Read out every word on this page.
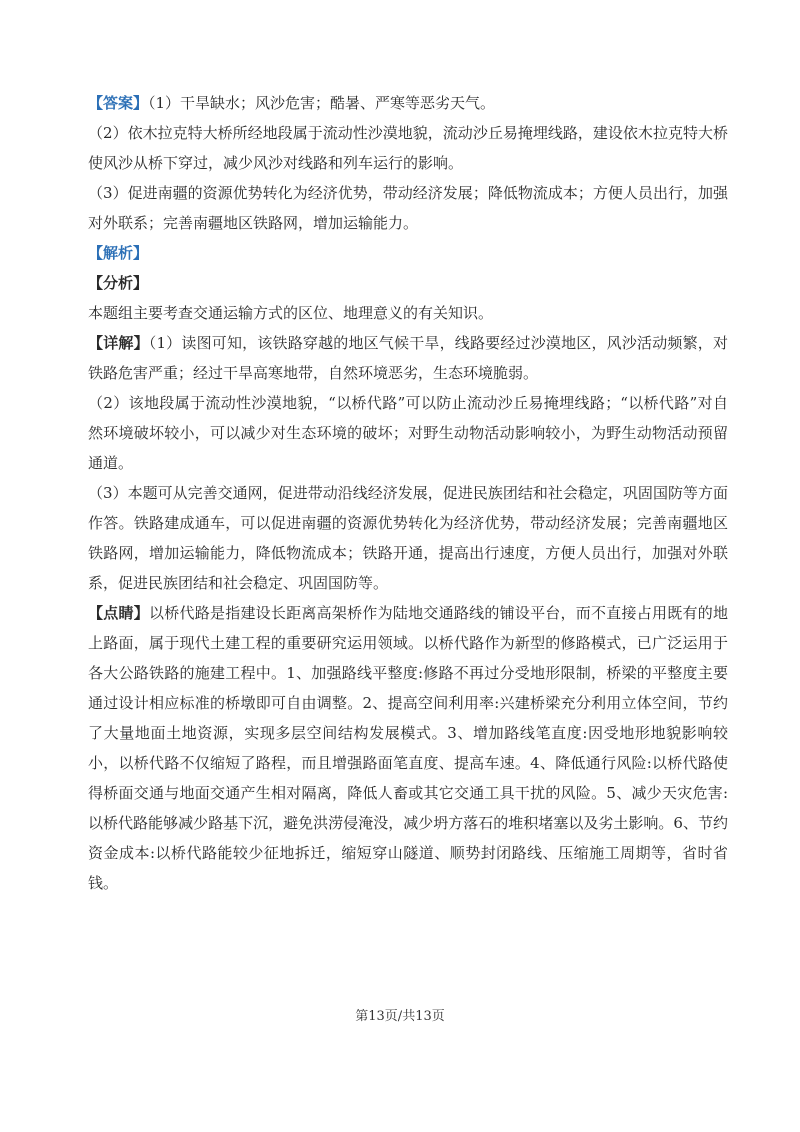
【答案】（1）干旱缺水；风沙危害；酷暑、严寒等恶劣天气。

（2）依木拉克特大桥所经地段属于流动性沙漠地貌，流动沙丘易掩埋线路，建设依木拉克特大桥使风沙从桥下穿过，减少风沙对线路和列车运行的影响。

（3）促进南疆的资源优势转化为经济优势，带动经济发展；降低物流成本；方便人员出行，加强对外联系；完善南疆地区铁路网，增加运输能力。

【解析】

【分析】

本题组主要考查交通运输方式的区位、地理意义的有关知识。

【详解】（1）读图可知，该铁路穿越的地区气候干旱，线路要经过沙漠地区，风沙活动频繁，对铁路危害严重；经过干旱高寒地带，自然环境恶劣，生态环境脆弱。

（2）该地段属于流动性沙漠地貌，“以桥代路”可以防止流动沙丘易掩埋线路；“以桥代路”对自然环境破坏较小，可以减少对生态环境的破坏；对野生动物活动影响较小，为野生动物活动预留通道。

（3）本题可从完善交通网，促进带动沿线经济发展，促进民族团结和社会稳定，巩固国防等方面作答。铁路建成通车，可以促进南疆的资源优势转化为经济优势，带动经济发展；完善南疆地区铁路网，增加运输能力，降低物流成本；铁路开通，提高出行速度，方便人员出行，加强对外联系，促进民族团结和社会稳定、巩固国防等。

【点睛】以桥代路是指建设长距离高架桥作为陆地交通路线的铺设平台，而不直接占用既有的地上路面，属于现代土建工程的重要研究运用领域。以桥代路作为新型的修路模式，已广泛运用于各大公路铁路的施建工程中。1、加强路线平整度:修路不再过分受地形限制，桥梁的平整度主要通过设计相应标准的桥墩即可自由调整。2、提高空间利用率:兴建桥梁充分利用立体空间，节约了大量地面土地资源，实现多层空间结构发展模式。3、增加路线笔直度:因受地形地貌影响较小，以桥代路不仅缩短了路程，而且增强路面笔直度、提高车速。4、降低通行风险:以桥代路使得桥面交通与地面交通产生相对隔离，降低人畜或其它交通工具干扰的风险。5、减少天灾危害:以桥代路能够减少路基下沉，避免洪涝侵淹没，减少坍方落石的堆积堵塞以及劣土影响。6、节约资金成本:以桥代路能较少征地拆迁，缩短穿山隧道、顺势封闭路线、压缩施工周期等，省时省钱。

第13页/共13页
